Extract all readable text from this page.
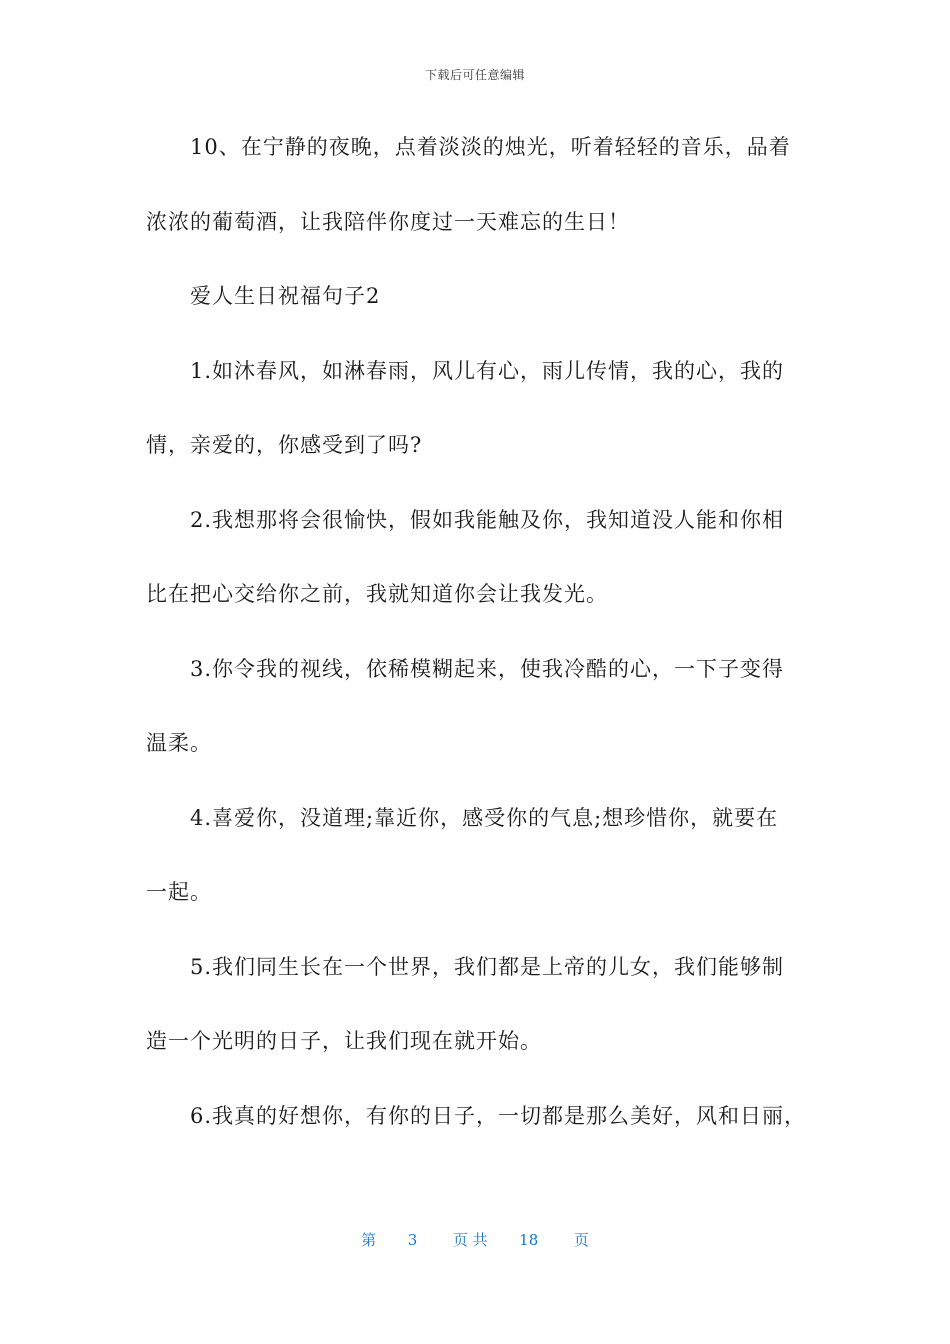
下载后可任意编辑
10、在宁静的夜晚，点着淡淡的烛光，听着轻轻的音乐，品着
浓浓的葡萄酒，让我陪伴你度过一天难忘的生日！
爱人生日祝福句子2
1.如沐春风，如淋春雨，风儿有心，雨儿传情，我的心，我的
情，亲爱的，你感受到了吗?
2.我想那将会很愉快，假如我能触及你，我知道没人能和你相
比在把心交给你之前，我就知道你会让我发光。
3.你令我的视线，依稀模糊起来，使我冷酷的心，一下子变得
温柔。
4.喜爱你，没道理;靠近你，感受你的气息;想珍惜你，就要在
一起。
5.我们同生长在一个世界，我们都是上帝的儿女，我们能够制
造一个光明的日子，让我们现在就开始。
6.我真的好想你，有你的日子，一切都是那么美好，风和日丽，
第 3 页 共 18 页
